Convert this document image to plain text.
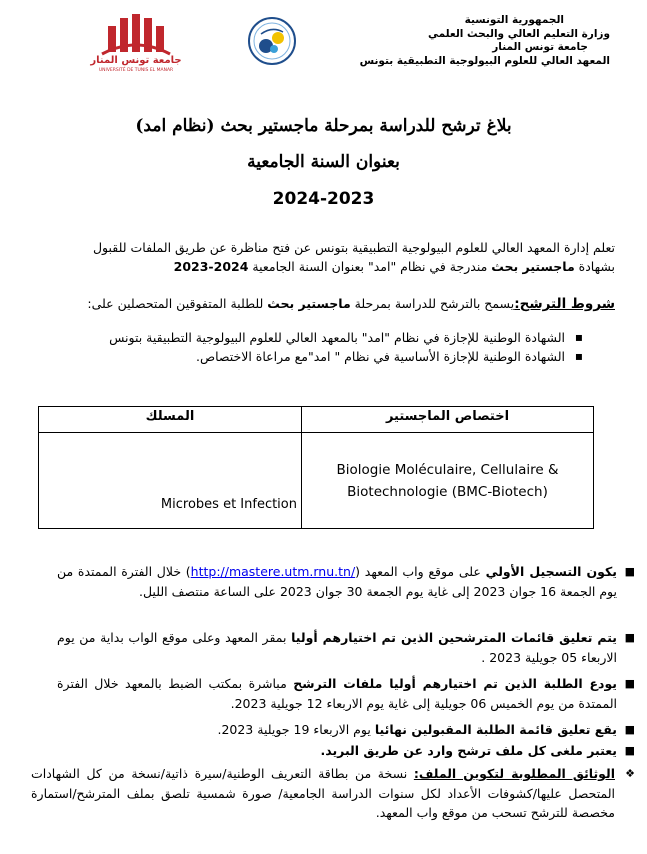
جامعة تونس المنار
UNIVERSITÉ DE TUNIS EL MANAR
الجمهورية التونسية
وزارة التعليم العالي والبحث العلمي
جامعة تونس المنار
المعهد العالي للعلوم البيولوجية التطبيقية بتونس
بلاغ ترشح للدراسة بمرحلة ماجستير بحث (نظام امد)
بعنوان السنة الجامعية
2024-2023
تعلم إدارة المعهد العالي للعلوم البيولوجية التطبيقية بتونس عن فتح مناظرة عن طريق الملفات للقبول
بشهادة ماجستير بحث مندرجة في نظام "امد" بعنوان السنة الجامعية 2024-2023
شروط الترشح:يسمح بالترشح للدراسة بمرحلة ماجستير بحث للطلبة المتفوقين المتحصلين على:
▪ الشهادة الوطنية للإجازة في نظام "امد" بالمعهد العالي للعلوم البيولوجية التطبيقية بتونس
▪ الشهادة الوطنية للإجازة الأساسية في نظام " امد"مع مراعاة الاختصاص.
المسلك	اختصاص الماجستير
Microbes et Infection	Biologie Moléculaire, Cellulaire & Biotechnologie (BMC-Biotech)
■
يكون التسجيل الأولي على موقع واب المعهد (http://mastere.utm.rnu.tn/) خلال الفترة الممتدة من يوم الجمعة 16 جوان 2023 إلى غاية يوم الجمعة 30 جوان 2023 على الساعة منتصف الليل.
■
يتم تعليق قائمات المترشحين الذين تم اختيارهم أوليا بمقر المعهد وعلى موقع الواب بداية من يوم الاربعاء 05 جويلية 2023 .
■
يودع الطلبة الذين تم اختيارهم أوليا ملفات الترشح مباشرة بمكتب الضبط بالمعهد خلال الفترة الممتدة من يوم الخميس 06 جويلية إلى غاية يوم الاربعاء 12 جويلية 2023.
■
يقع تعليق قائمة الطلبة المقبولين نهائيا يوم الاربعاء 19 جويلية 2023.
■
يعتبر ملغى كل ملف ترشح وارد عن طريق البريد.
❖
الوثائق المطلوبة لتكوين الملف: نسخة من بطاقة التعريف الوطنية/سيرة ذاتية/نسخة من كل الشهادات المتحصل عليها/كشوفات الأعداد لكل سنوات الدراسة الجامعية/ صورة شمسية تلصق بملف المترشح/استمارة مخصصة للترشح تسحب من موقع واب المعهد.
